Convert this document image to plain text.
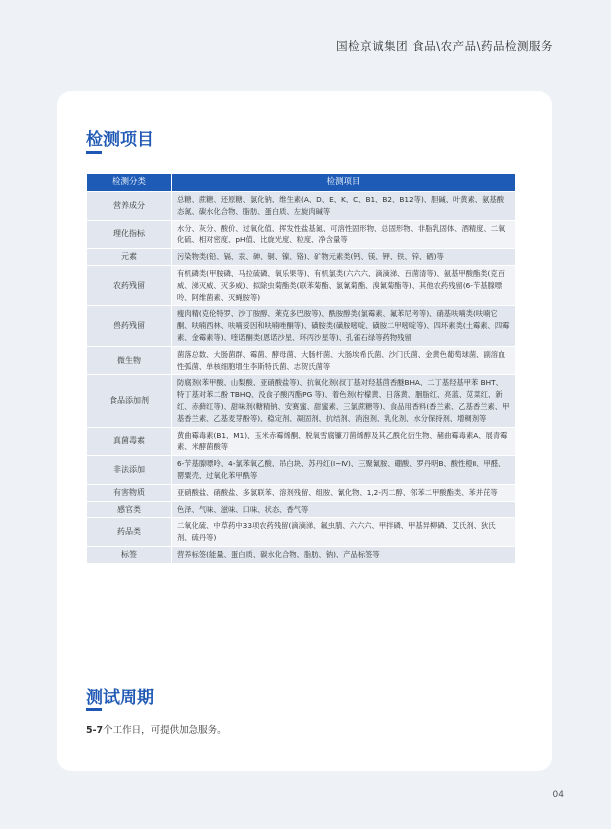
国检京诚集团 食品\农产品\药品检测服务
检测项目
检测分类	检测项目
营养成分	总糖、蔗糖、还原糖、氯化钠、维生素(A、D、E、K、C、B1、B2、B12等)、胆碱、叶黄素、氨基酸态氮、碳水化合物、脂肪、蛋白质、左旋肉碱等
理化指标	水分、灰分、酸价、过氧化值、挥发性盐基氮、可溶性固形物、总固形物、非脂乳固体、酒精度、二氧化硫、相对密度、pH值、比旋光度、粒度、净含量等
元素	污染物类(铅、镉、汞、砷、铜、镍、铬)、矿物元素类(钙、镁、钾、铁、锌、硒)等
农药残留	有机磷类(甲胺磷、马拉硫磷、氧乐果等)、有机氯类(六六六、滴滴涕、百菌清等)、氨基甲酸酯类(克百威、涕灭威、灭多威)、拟除虫菊酯类(联苯菊酯、氯氰菊酯、溴氰菊酯等)、其他农药残留(6-苄基腺嘌呤、阿维菌素、灭蝇胺等)
兽药残留	瘦肉精(克伦特罗、沙丁胺醇、莱克多巴胺等)、酰胺醇类(氯霉素、氟苯尼考等)、硝基呋喃类(呋喃它酮、呋喃西林、呋喃妥因和呋喃唑酮等)、磺胺类(磺胺嘧啶、磺胺二甲嘧啶等)、四环素类(土霉素、四霉素、金霉素等)、喹诺酮类(恩诺沙星、环丙沙星等)、孔雀石绿等药物残留
微生物	菌落总数、大肠菌群、霉菌、酵母菌、大肠杆菌、大肠埃希氏菌、沙门氏菌、金黄色葡萄球菌、副溶血性弧菌、单核细胞增生李斯特氏菌、志贺氏菌等
食品添加剂	防腐剂(苯甲酸、山梨酸、亚硝酸盐等)、抗氧化剂(叔丁基对羟基茴香醚BHA、二丁基羟基甲苯 BHT、特丁基对苯二酚 TBHQ、没食子酸丙酯PG 等)、着色剂(柠檬黄、日落黄、胭脂红、亮蓝、苋菜红、新红、赤藓红等)、甜味剂(糖精钠、安赛蜜、甜蜜素、三氯蔗糖等)、食品用香料(香兰素、乙基香兰素、甲基香兰素、乙基麦芽酚等)、稳定剂、凝固剂、抗结剂、消泡剂、乳化剂、水分保持剂、增稠剂等
真菌毒素	黄曲霉毒素(B1、M1)、玉米赤霉烯酮、脱氧雪腐镰刀菌烯醇及其乙酰化衍生物、赭曲霉毒素A、展青霉素、米酵菌酸等
非法添加	6-苄基腺嘌呤、4-氯苯氧乙酸、吊白块、苏丹红(Ⅰ~Ⅳ)、三聚氰胺、硼酸、罗丹明B、酸性橙Ⅱ、甲醛、罂粟壳、过氧化苯甲酰等
有害物质	亚硝酸盐、硝酸盐、多氯联苯、溶剂残留、组胺、氰化物、1,2-丙二醇、邻苯二甲酸酯类、苯并芘等
感官类	色泽、气味、滋味、口味、状态、香气等
药品类	二氧化硫、中草药中33项农药残留(滴滴涕、氟虫腈、六六六、甲拌磷、甲基异柳磷、艾氏剂、狄氏剂、硫丹等)
标签	营养标签(能量、蛋白质、碳水化合物、脂肪、钠)、产品标签等
测试周期
5-7个工作日，可提供加急服务。
04
